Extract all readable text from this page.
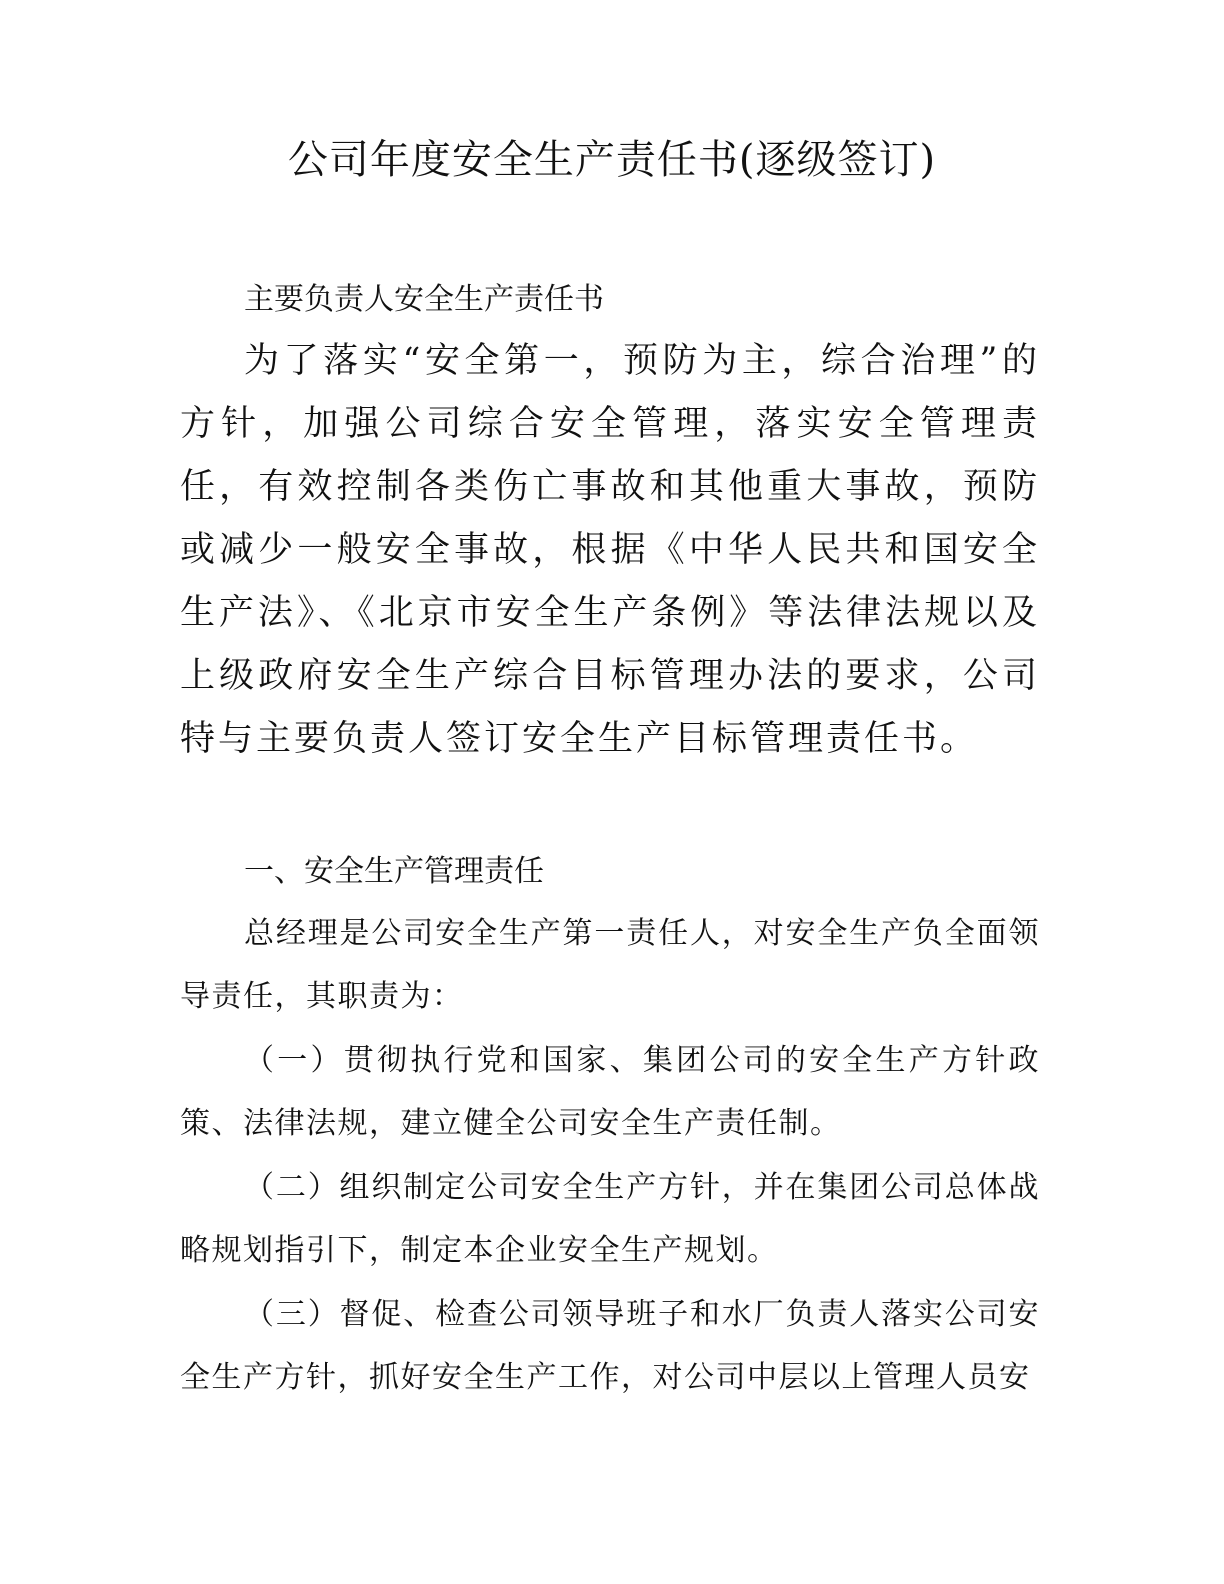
公司年度安全生产责任书(逐级签订)

主要负责人安全生产责任书

为了落实“安全第一，预防为主，综合治理”的方针，加强公司综合安全管理，落实安全管理责任，有效控制各类伤亡事故和其他重大事故，预防或减少一般安全事故，根据《中华人民共和国安全生产法》、《北京市安全生产条例》等法律法规以及上级政府安全生产综合目标管理办法的要求，公司特与主要负责人签订安全生产目标管理责任书。

一、安全生产管理责任

总经理是公司安全生产第一责任人，对安全生产负全面领导责任，其职责为：

（一）贯彻执行党和国家、集团公司的安全生产方针政策、法律法规，建立健全公司安全生产责任制。

（二）组织制定公司安全生产方针，并在集团公司总体战略规划指引下，制定本企业安全生产规划。

（三）督促、检查公司领导班子和水厂负责人落实公司安全生产方针，抓好安全生产工作，对公司中层以上管理人员安
